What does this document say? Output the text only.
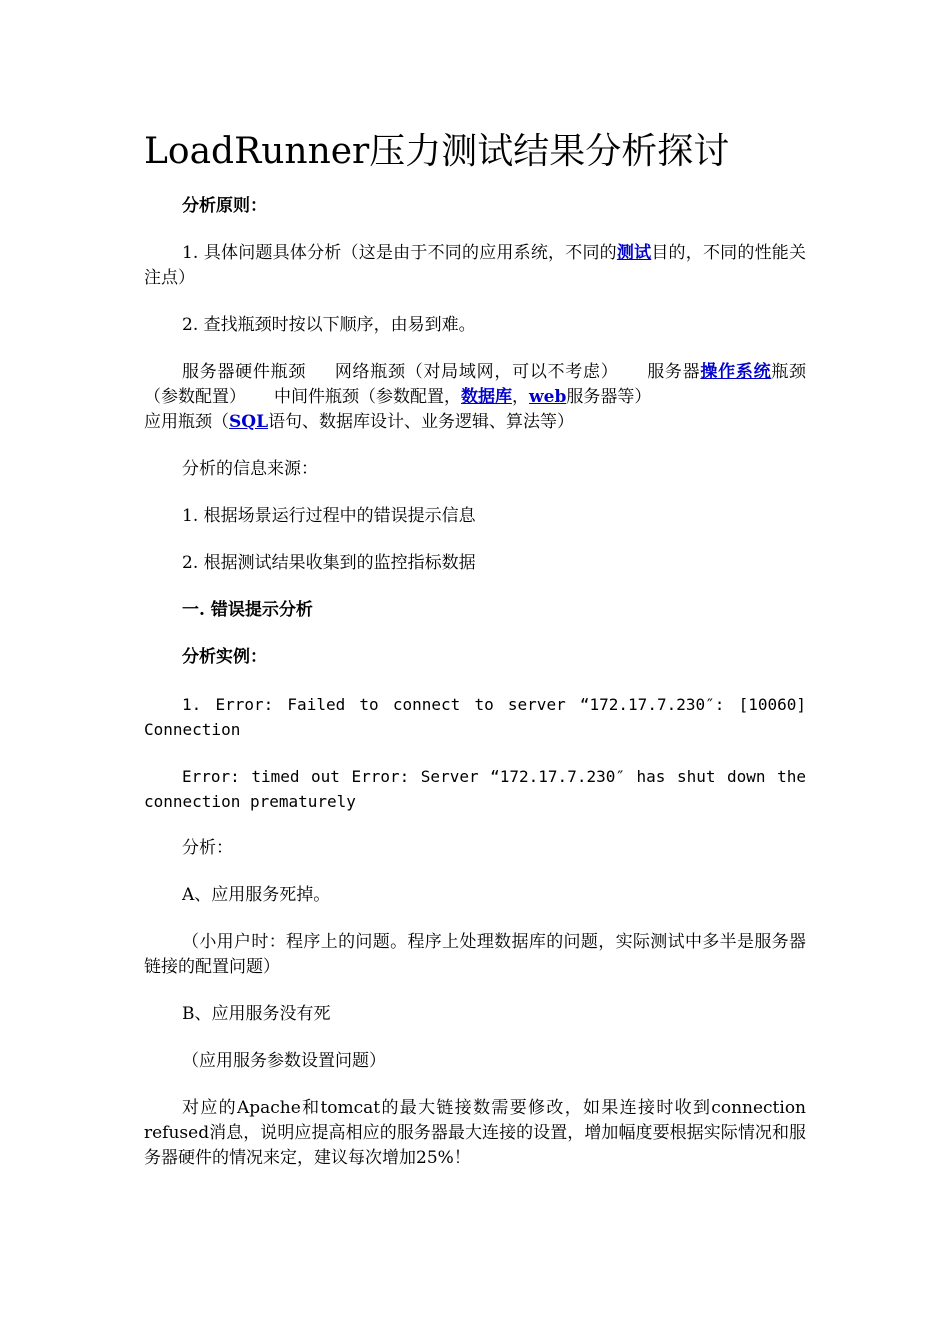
LoadRunner压力测试结果分析探讨

分析原则：

1. 具体问题具体分析（这是由于不同的应用系统，不同的测试目的，不同的性能关注点）

2. 查找瓶颈时按以下顺序，由易到难。

服务器硬件瓶颈 网络瓶颈（对局域网，可以不考虑） 服务器操作系统瓶颈（参数配置） 中间件瓶颈（参数配置，数据库，web服务器等）

应用瓶颈（SQL语句、数据库设计、业务逻辑、算法等）

分析的信息来源：

1. 根据场景运行过程中的错误提示信息

2. 根据测试结果收集到的监控指标数据

一. 错误提示分析

分析实例：

1. Error: Failed to connect to server “172.17.7.230″: [10060] Connection

Error: timed out Error: Server “172.17.7.230″ has shut down the connection prematurely

分析：

A、应用服务死掉。

（小用户时：程序上的问题。程序上处理数据库的问题，实际测试中多半是服务器链接的配置问题）

B、应用服务没有死

（应用服务参数设置问题）

对应的Apache和tomcat的最大链接数需要修改，如果连接时收到connection refused消息，说明应提高相应的服务器最大连接的设置，增加幅度要根据实际情况和服务器硬件的情况来定，建议每次增加25%！
